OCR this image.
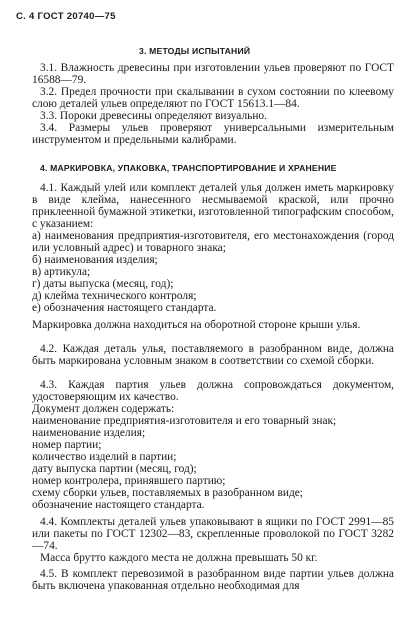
С. 4 ГОСТ 20740—75
3. МЕТОДЫ ИСПЫТАНИЙ
3.1. Влажность древесины при изготовлении ульев проверяют по ГОСТ 16588—79.
3.2. Предел прочности при скалывании в сухом состоянии по клеевому слою деталей ульев определяют по ГОСТ 15613.1—84.
3.3. Пороки древесины определяют визуально.
3.4. Размеры ульев проверяют универсальными измерительным инструментом и предельными калибрами.
4. МАРКИРОВКА, УПАКОВКА, ТРАНСПОРТИРОВАНИЕ И ХРАНЕНИЕ
4.1. Каждый улей или комплект деталей улья должен иметь маркировку в виде клейма, нанесенного несмываемой краской, или прочно приклеенной бумажной этикетки, изготовленной типографским способом, с указанием:
а) наименования предприятия-изготовителя, его местонахождения (город или условный адрес) и товарного знака;
б) наименования изделия;
в) артикула;
г) даты выпуска (месяц, год);
д) клейма технического контроля;
е) обозначения настоящего стандарта.
Маркировка должна находиться на оборотной стороне крыши улья.
4.2. Каждая деталь улья, поставляемого в разобранном виде, должна быть маркирована условным знаком в соответствии со схемой сборки.
4.3. Каждая партия ульев должна сопровождаться документом, удостоверяющим их качество.
Документ должен содержать:
наименование предприятия-изготовителя и его товарный знак;
наименование изделия;
номер партии;
количество изделий в партии;
дату выпуска партии (месяц, год);
номер контролера, принявшего партию;
схему сборки ульев, поставляемых в разобранном виде;
обозначение настоящего стандарта.
4.4. Комплекты деталей ульев упаковывают в ящики по ГОСТ 2991—85 или пакеты по ГОСТ 12302—83, скрепленные проволокой по ГОСТ 3282—74.
Масса брутто каждого места не должна превышать 50 кг.
4.5. В комплект перевозимой в разобранном виде партии ульев должна быть включена упакованная отдельно необходимая для
